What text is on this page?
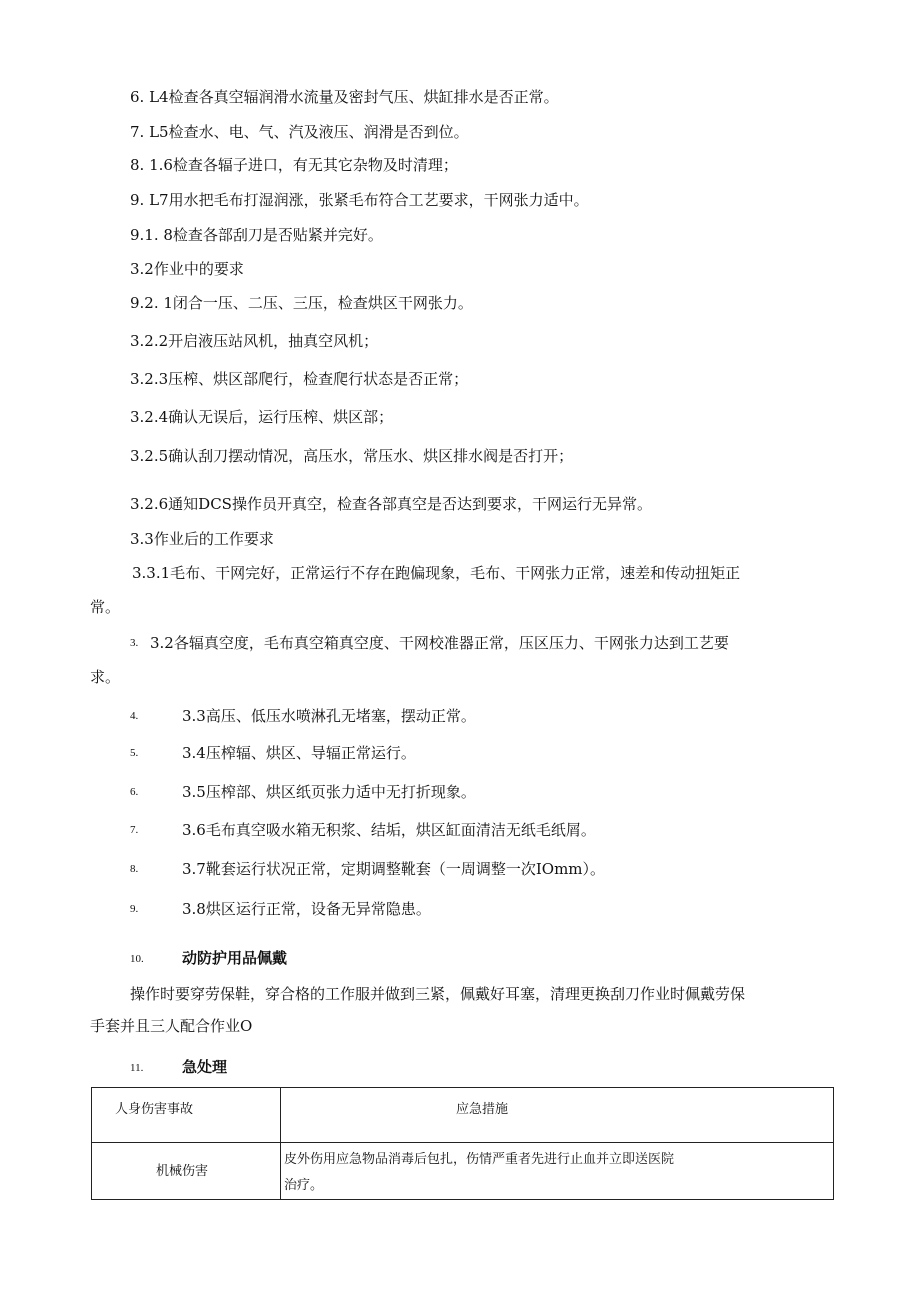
6. L4检查各真空辐润滑水流量及密封气压、烘缸排水是否正常。
7. L5检查水、电、气、汽及液压、润滑是否到位。
8. 1.6检查各辐子进口，有无其它杂物及时清理；
9. L7用水把毛布打湿润涨，张紧毛布符合工艺要求，干网张力适中。
9.1. 8检查各部刮刀是否贴紧并完好。
3.2作业中的要求
9.2. 1闭合一压、二压、三压，检查烘区干网张力。
3.2.2开启液压站风机，抽真空风机；
3.2.3压榨、烘区部爬行，检查爬行状态是否正常；
3.2.4确认无误后，运行压榨、烘区部；
3.2.5确认刮刀摆动情况，高压水，常压水、烘区排水阀是否打开；
3.2.6通知DCS操作员开真空，检查各部真空是否达到要求，干网运行无异常。
3.3作业后的工作要求
3.3.1毛布、干网完好，正常运行不存在跑偏现象，毛布、干网张力正常，速差和传动扭矩正
常。
3. 3.2各辐真空度，毛布真空箱真空度、干网校准器正常，压区压力、干网张力达到工艺要
求。
4.	3.3高压、低压水喷淋孔无堵塞，摆动正常。
5.	3.4压榨辐、烘区、导辐正常运行。
6.	3.5压榨部、烘区纸页张力适中无打折现象。
7.	3.6毛布真空吸水箱无积浆、结垢，烘区缸面清洁无纸毛纸屑。
8.	3.7靴套运行状况正常，定期调整靴套（一周调整一次IOmm）。
9.	3.8烘区运行正常，设备无异常隐患。
10.	动防护用品佩戴
操作时要穿劳保鞋，穿合格的工作服并做到三紧，佩戴好耳塞，清理更换刮刀作业时佩戴劳保
手套并且三人配合作业O
11.	急处理
人身伤害事故	应急措施

机械伤害	皮外伤用应急物品消毒后包扎，伤情严重者先进行止血并立即送医院
治疗。
